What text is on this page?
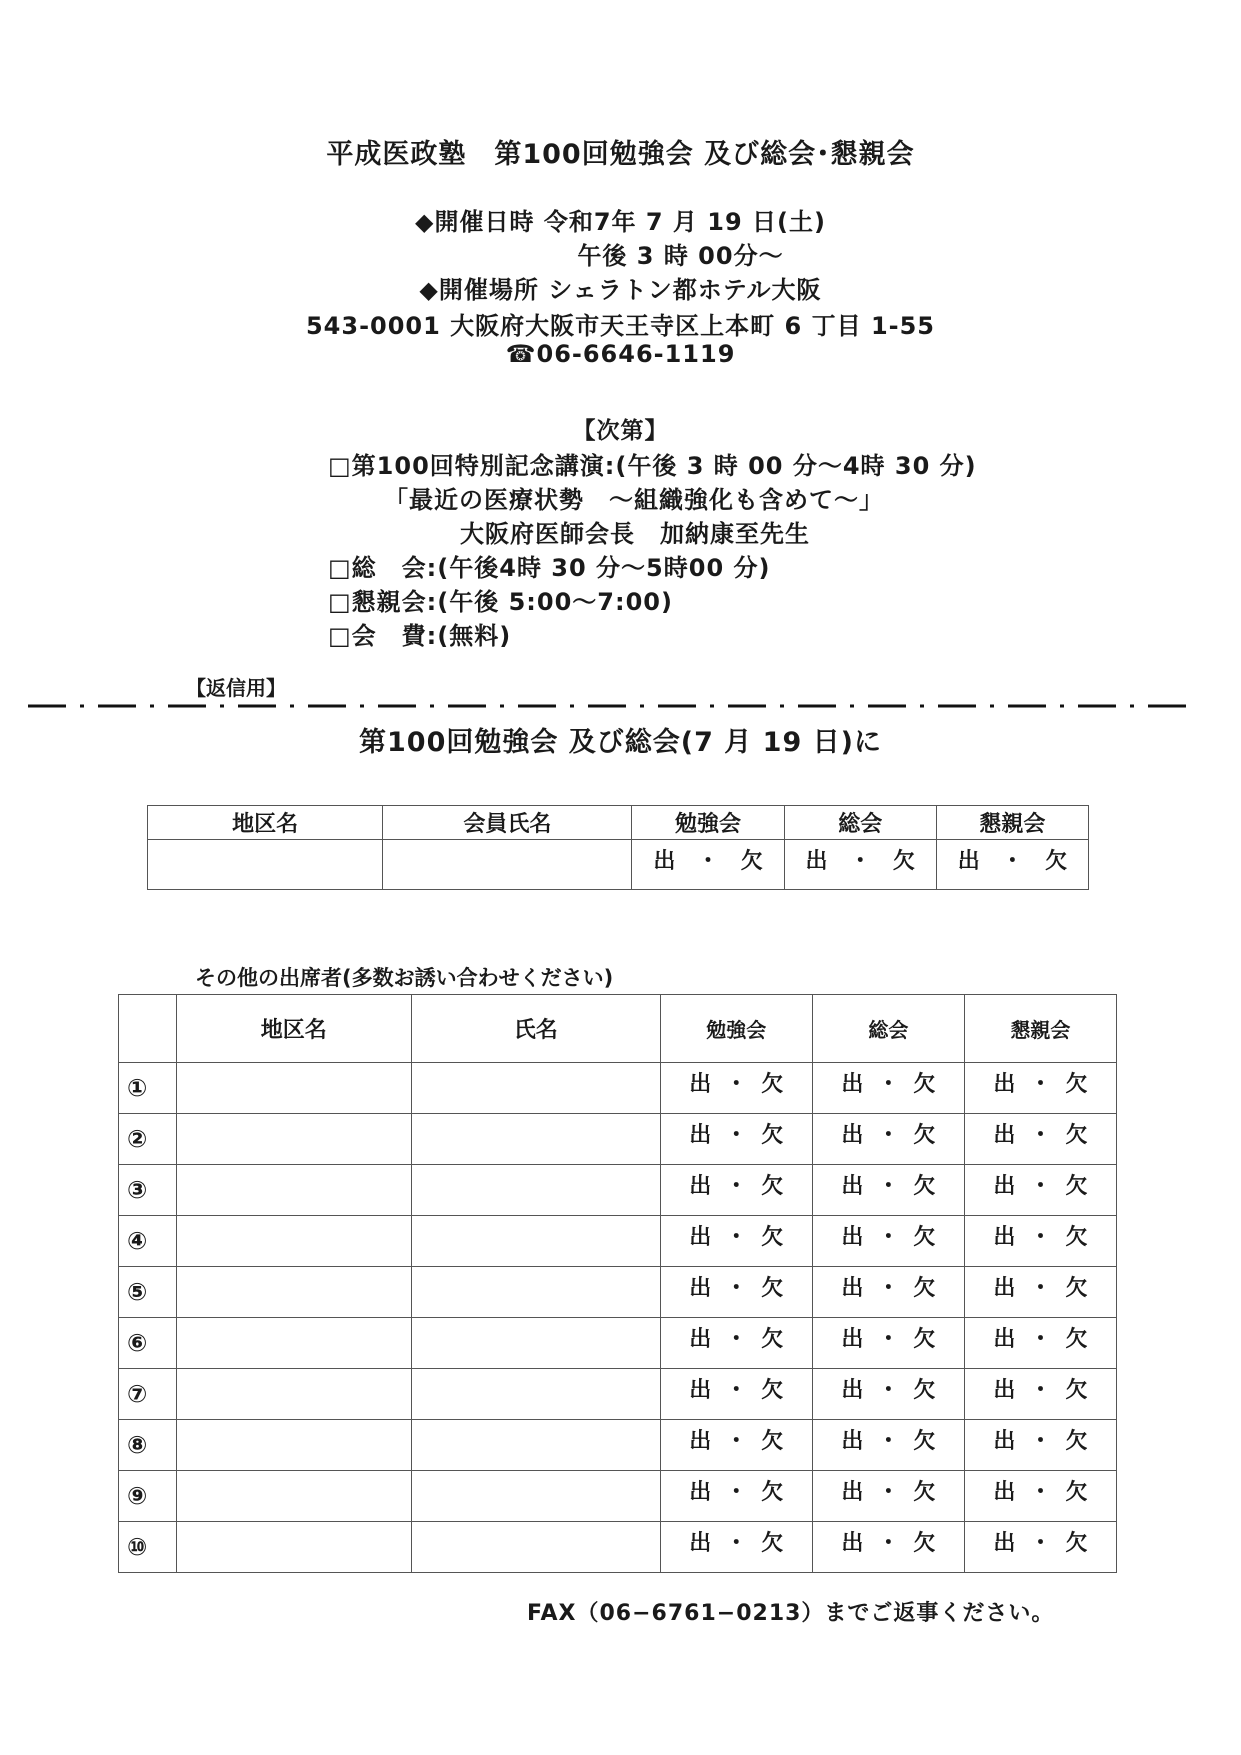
平成医政塾　第100回勉強会 及び総会･懇親会
◆開催日時 令和7年 7 月 19 日(土)
午後 3 時 00分～
◆開催場所 シェラトン都ホテル大阪
543-0001 大阪府大阪市天王寺区上本町 6 丁目 1-55
☎06-6646-1119
【次第】
□第100回特別記念講演:(午後 3 時 00 分～4時 30 分)
「最近の医療状勢　～組織強化も含めて～」
大阪府医師会長　加納康至先生
□総　会:(午後4時 30 分～5時00 分)
□懇親会:(午後 5:00～7:00)
□会　費:(無料)
【返信用】
第100回勉強会 及び総会(7 月 19 日)に
地区名	会員氏名	勉強会	総会	懇親会
		出 ・ 欠	出 ・ 欠	出 ・ 欠
その他の出席者(多数お誘い合わせください)
	地区名	氏名	勉強会	総会	懇親会
①			出 ・ 欠	出 ・ 欠	出 ・ 欠
②			出 ・ 欠	出 ・ 欠	出 ・ 欠
③			出 ・ 欠	出 ・ 欠	出 ・ 欠
④			出 ・ 欠	出 ・ 欠	出 ・ 欠
⑤			出 ・ 欠	出 ・ 欠	出 ・ 欠
⑥			出 ・ 欠	出 ・ 欠	出 ・ 欠
⑦			出 ・ 欠	出 ・ 欠	出 ・ 欠
⑧			出 ・ 欠	出 ・ 欠	出 ・ 欠
⑨			出 ・ 欠	出 ・ 欠	出 ・ 欠
⑩			出 ・ 欠	出 ・ 欠	出 ・ 欠
FAX（06−6761−0213）までご返事ください。
